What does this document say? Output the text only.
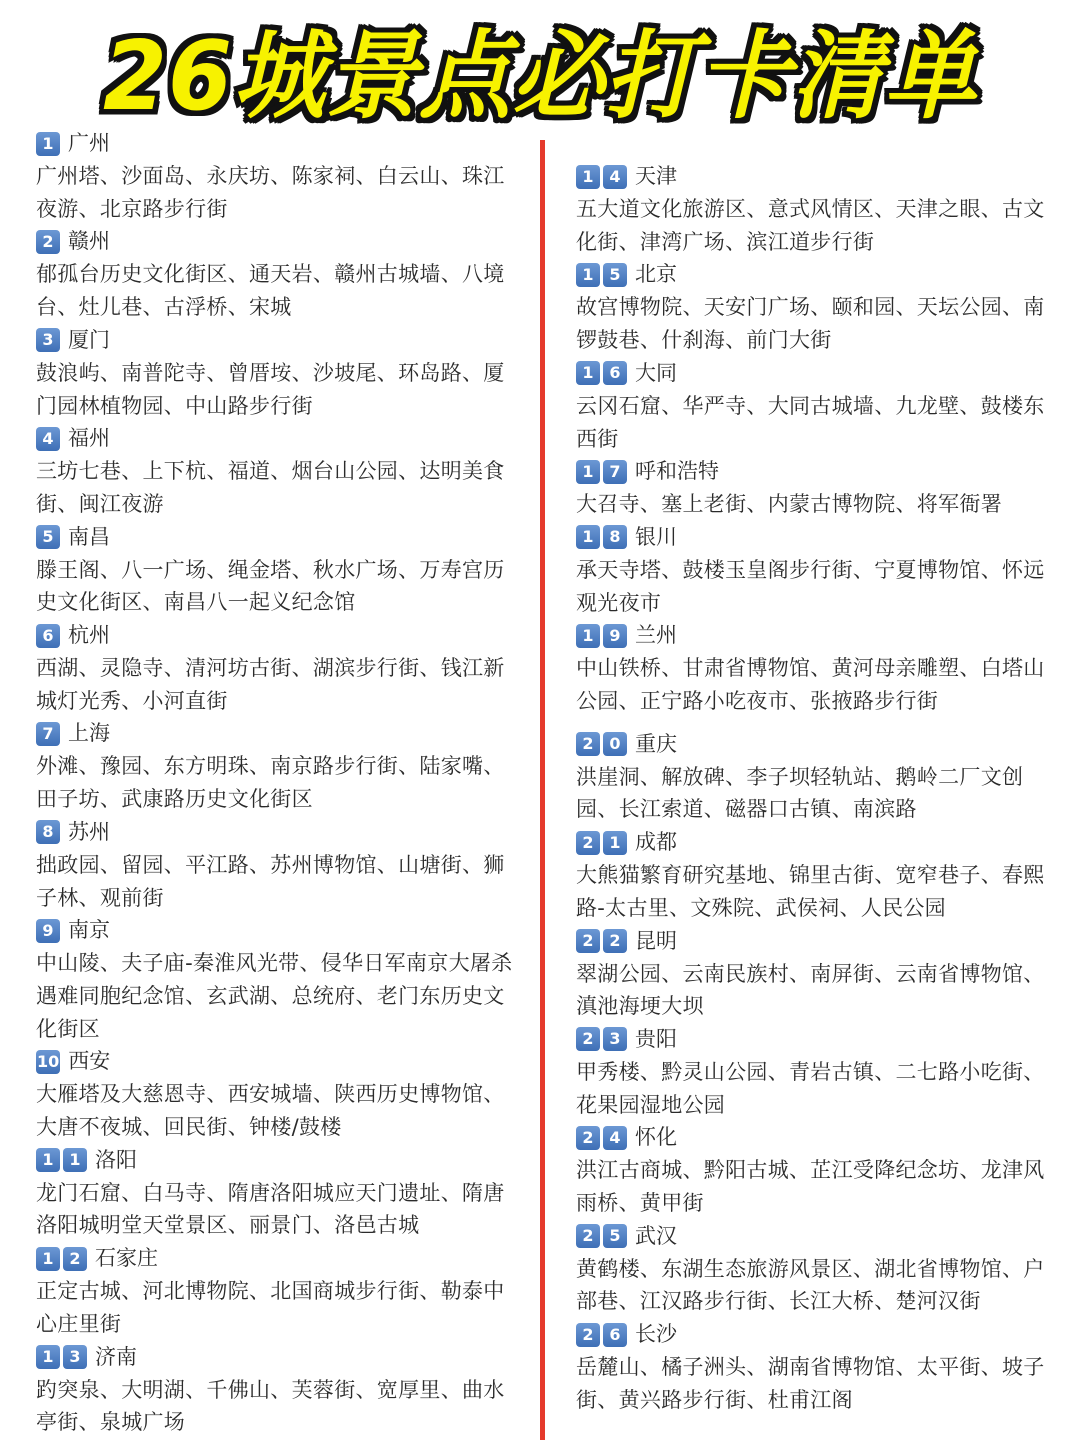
26城景点必打卡清单
1 广州
广州塔、沙面岛、永庆坊、陈家祠、白云山、珠江夜游、北京路步行街
2 赣州
郁孤台历史文化街区、通天岩、赣州古城墙、八境台、灶儿巷、古浮桥、宋城
3 厦门
鼓浪屿、南普陀寺、曾厝垵、沙坡尾、环岛路、厦门园林植物园、中山路步行街
4 福州
三坊七巷、上下杭、福道、烟台山公园、达明美食街、闽江夜游
5 南昌
滕王阁、八一广场、绳金塔、秋水广场、万寿宫历史文化街区、南昌八一起义纪念馆
6 杭州
西湖、灵隐寺、清河坊古街、湖滨步行街、钱江新城灯光秀、小河直街
7 上海
外滩、豫园、东方明珠、南京路步行街、陆家嘴、田子坊、武康路历史文化街区
8 苏州
拙政园、留园、平江路、苏州博物馆、山塘街、狮子林、观前街
9 南京
中山陵、夫子庙-秦淮风光带、侵华日军南京大屠杀遇难同胞纪念馆、玄武湖、总统府、老门东历史文化街区
10 西安
大雁塔及大慈恩寺、西安城墙、陕西历史博物馆、大唐不夜城、回民街、钟楼/鼓楼
1 1 洛阳
龙门石窟、白马寺、隋唐洛阳城应天门遗址、隋唐洛阳城明堂天堂景区、丽景门、洛邑古城
1 2 石家庄
正定古城、河北博物院、北国商城步行街、勒泰中心庄里街
1 3 济南
趵突泉、大明湖、千佛山、芙蓉街、宽厚里、曲水亭街、泉城广场
1 4 天津
五大道文化旅游区、意式风情区、天津之眼、古文化街、津湾广场、滨江道步行街
1 5 北京
故宫博物院、天安门广场、颐和园、天坛公园、南锣鼓巷、什刹海、前门大街
1 6 大同
云冈石窟、华严寺、大同古城墙、九龙壁、鼓楼东西街
1 7 呼和浩特
大召寺、塞上老街、内蒙古博物院、将军衙署
1 8 银川
承天寺塔、鼓楼玉皇阁步行街、宁夏博物馆、怀远观光夜市
1 9 兰州
中山铁桥、甘肃省博物馆、黄河母亲雕塑、白塔山公园、正宁路小吃夜市、张掖路步行街
2 0 重庆
洪崖洞、解放碑、李子坝轻轨站、鹅岭二厂文创园、长江索道、磁器口古镇、南滨路
2 1 成都
大熊猫繁育研究基地、锦里古街、宽窄巷子、春熙路-太古里、文殊院、武侯祠、人民公园
2 2 昆明
翠湖公园、云南民族村、南屏街、云南省博物馆、滇池海埂大坝
2 3 贵阳
甲秀楼、黔灵山公园、青岩古镇、二七路小吃街、花果园湿地公园
2 4 怀化
洪江古商城、黔阳古城、芷江受降纪念坊、龙津风雨桥、黄甲街
2 5 武汉
黄鹤楼、东湖生态旅游风景区、湖北省博物馆、户部巷、江汉路步行街、长江大桥、楚河汉街
2 6 长沙
岳麓山、橘子洲头、湖南省博物馆、太平街、坡子街、黄兴路步行街、杜甫江阁
